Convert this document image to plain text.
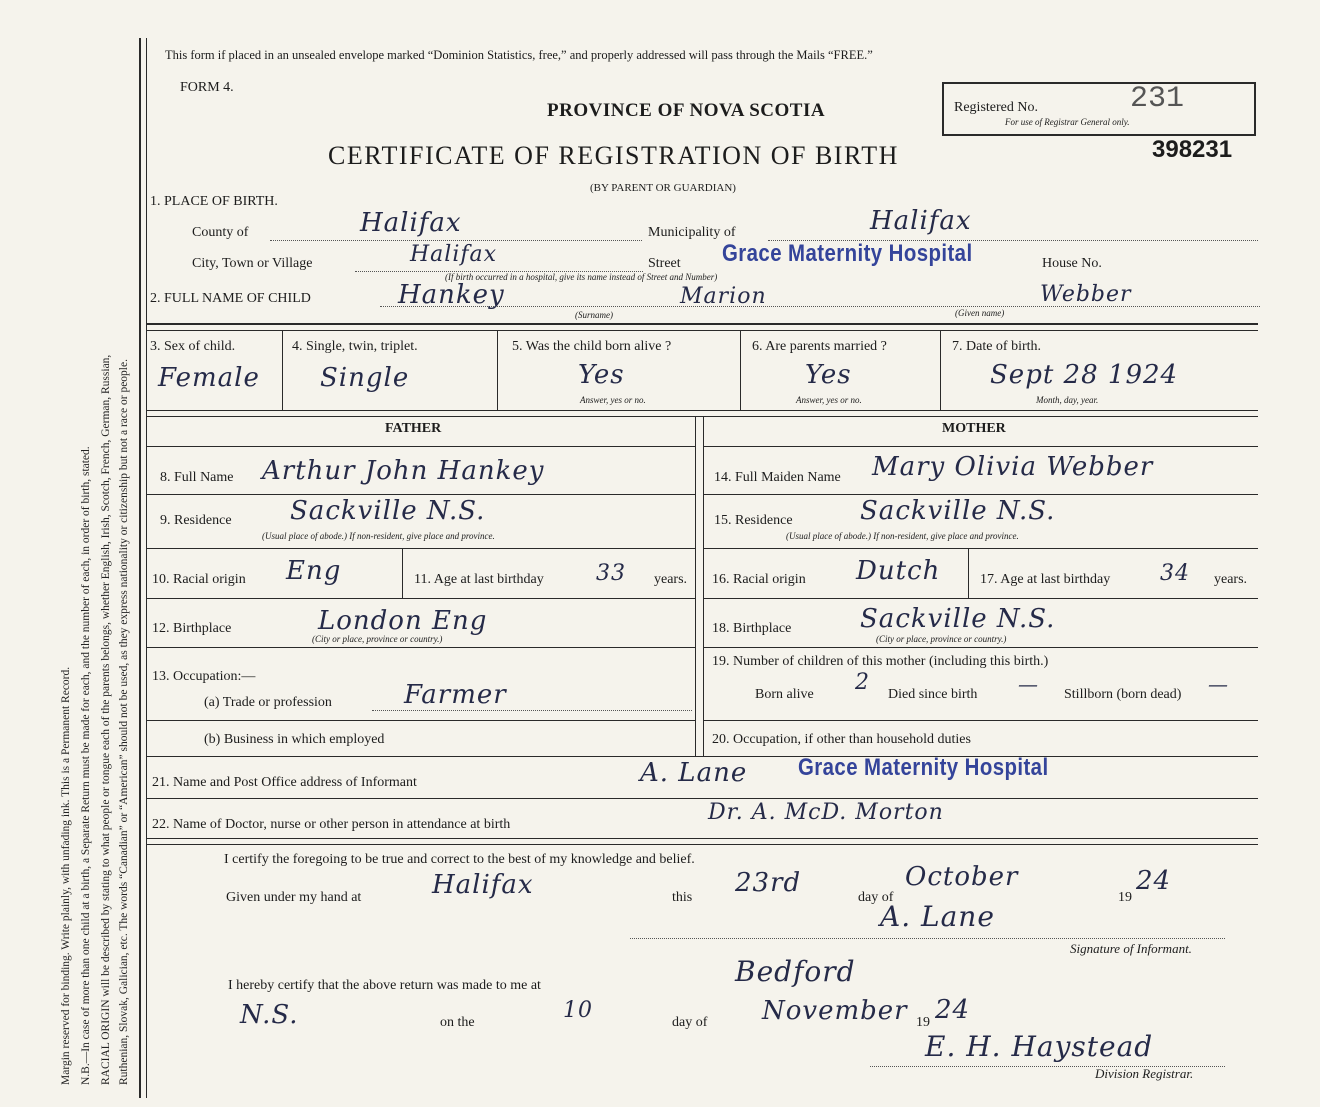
Margin reserved for binding. Write plainly, with unfading ink. This is a Permanent Record. N.B.—In case of more than one child at a birth, a Separate Return must be made for each, and the number of each, in order of birth, stated. RACIAL ORIGIN will be described by stating to what people or tongue each of the parents belongs, whether English, Irish, Scotch, French, German, Russian, Ruthenian, Slovak, Galician, etc. The words “Canadian” or “American” should not be used, as they express nationality or citizenship but not a race or people.
This form if placed in an unsealed envelope marked “Dominion Statistics, free,” and properly addressed will pass through the Mails “FREE.”
FORM 4.
PROVINCE OF NOVA SCOTIA
CERTIFICATE OF REGISTRATION OF BIRTH
(BY PARENT OR GUARDIAN)
Registered No.	231
For use of Registrar General only.
398231
1. PLACE OF BIRTH.
County of	Halifax	Municipality of	Halifax
City, Town or Village	Halifax	Street Grace Maternity Hospital
(If birth occurred in a hospital, give its name instead of Street and Number)
House No.
2. FULL NAME OF CHILD	Hankey	Marion	Webber
(Surname)	(Given name)
3. Sex of child.
Female
4. Single, twin, triplet.
Single
5. Was the child born alive ?
Yes
Answer, yes or no.
6. Are parents married ?
Yes
Answer, yes or no.
7. Date of birth.
Sept 28 1924
Month, day, year.
FATHER	MOTHER
8. Full Name Arthur John Hankey
9. Residence Sackville N.S.
(Usual place of abode.) If non-resident, give place and province.
10. Racial origin Eng	11. Age at last birthday 33 years.
12. Birthplace	London Eng
(City or place, province or country.)
13. Occupation:—
(a) Trade or profession	Farmer
(b) Business in which employed
14. Full Maiden Name Mary Olivia Webber
15. Residence	Sackville N.S.
(Usual place of abode.) If non-resident, give place and province.
16. Racial origin Dutch	17. Age at last birthday 34 years.
18. Birthplace	Sackville N.S.
(City or place, province or country.)
19. Number of children of this mother (including this birth.)
Born alive 2 Died since birth — Stillborn (born dead) —
20. Occupation, if other than household duties
21. Name and Post Office address of Informant	A. Lane Grace Maternity Hospital
22. Name of Doctor, nurse or other person in attendance at birth	Dr. A. McD. Morton
I certify the foregoing to be true and correct to the best of my knowledge and belief.
Given under my hand at	Halifax	this 23rd	day of
October
19
24
A. Lane
Signature of Informant.
I hereby certify that the above return was made to me at	Bedford
N.S.	on the	10	day of November 19 24
E. H. Haystead
Division Registrar.
